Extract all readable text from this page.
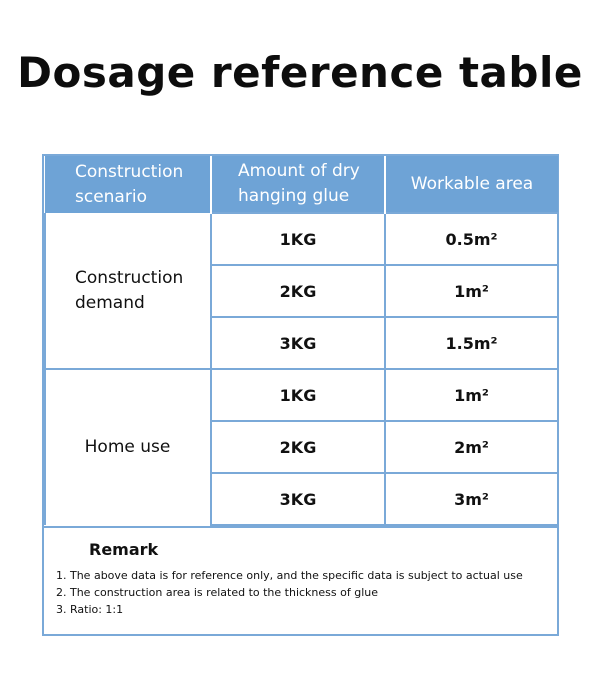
Dosage reference table
Construction scenario	Amount of dry hanging glue	Workable area
Construction demand	1KG	0.5m²
	2KG	1m²
	3KG	1.5m²
Home use	1KG	1m²
	2KG	2m²
	3KG	3m²
Remark
1. The above data is for reference only, and the specific data is subject to actual use
2. The construction area is related to the thickness of glue
3. Ratio: 1:1
